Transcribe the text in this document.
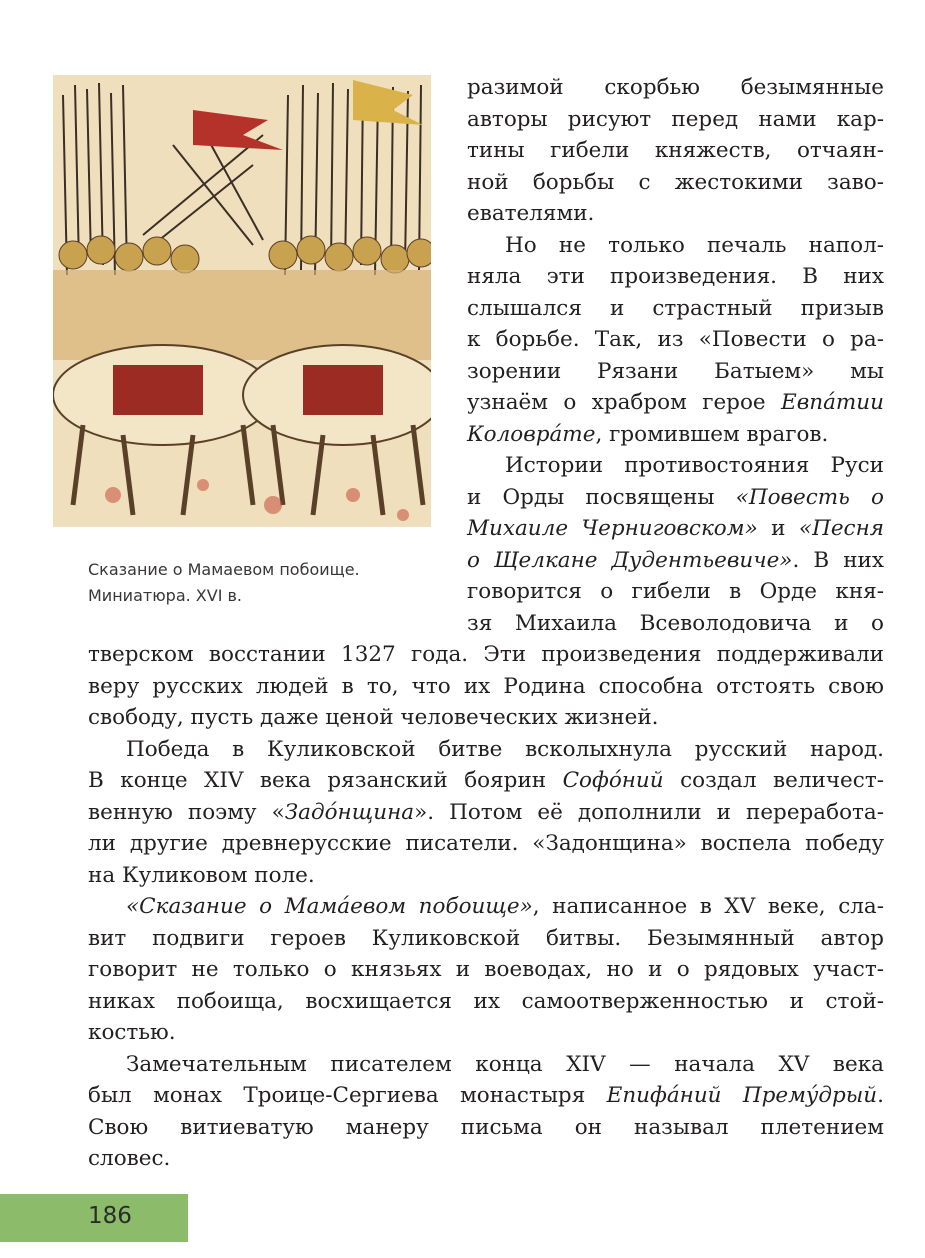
Сказание о Мамаевом побоище.
Миниатюра. XVI в.
разимой скорбью безымянные
авторы рисуют перед нами кар-
тины гибели княжеств, отчаян-
ной борьбы с жестокими заво-
евателями.
Но не только печаль напол-
няла эти произведения. В них
слышался и страстный призыв
к борьбе. Так, из «Повести о ра-
зорении Рязани Батыем» мы
узнаём о храбром герое Евпа́тии
Коловра́те, громившем врагов.
Истории противостояния Руси
и Орды посвящены «Повесть о
Михаиле Черниговском» и «Песня
о Щелкане Дудентьевиче». В них
говорится о гибели в Орде кня-
зя Михаила Всеволодовича и о
тверском восстании 1327 года. Эти произведения поддерживали
веру русских людей в то, что их Родина способна отстоять свою
свободу, пусть даже ценой человеческих жизней.
Победа в Куликовской битве всколыхнула русский народ.
В конце XIV века рязанский боярин Софо́ний создал величест-
венную поэму «Задо́нщина». Потом её дополнили и переработа-
ли другие древнерусские писатели. «Задонщина» воспела победу
на Куликовом поле.
«Сказание о Мама́евом побоище», написанное в XV веке, сла-
вит подвиги героев Куликовской битвы. Безымянный автор
говорит не только о князьях и воеводах, но и о рядовых участ-
никах побоища, восхищается их самоотверженностью и стой-
костью.
Замечательным писателем конца XIV — начала XV века
был монах Троице-Сергиева монастыря Епифа́ний Прему́дрый.
Свою витиеватую манеру письма он называл плетением
словес.
186
